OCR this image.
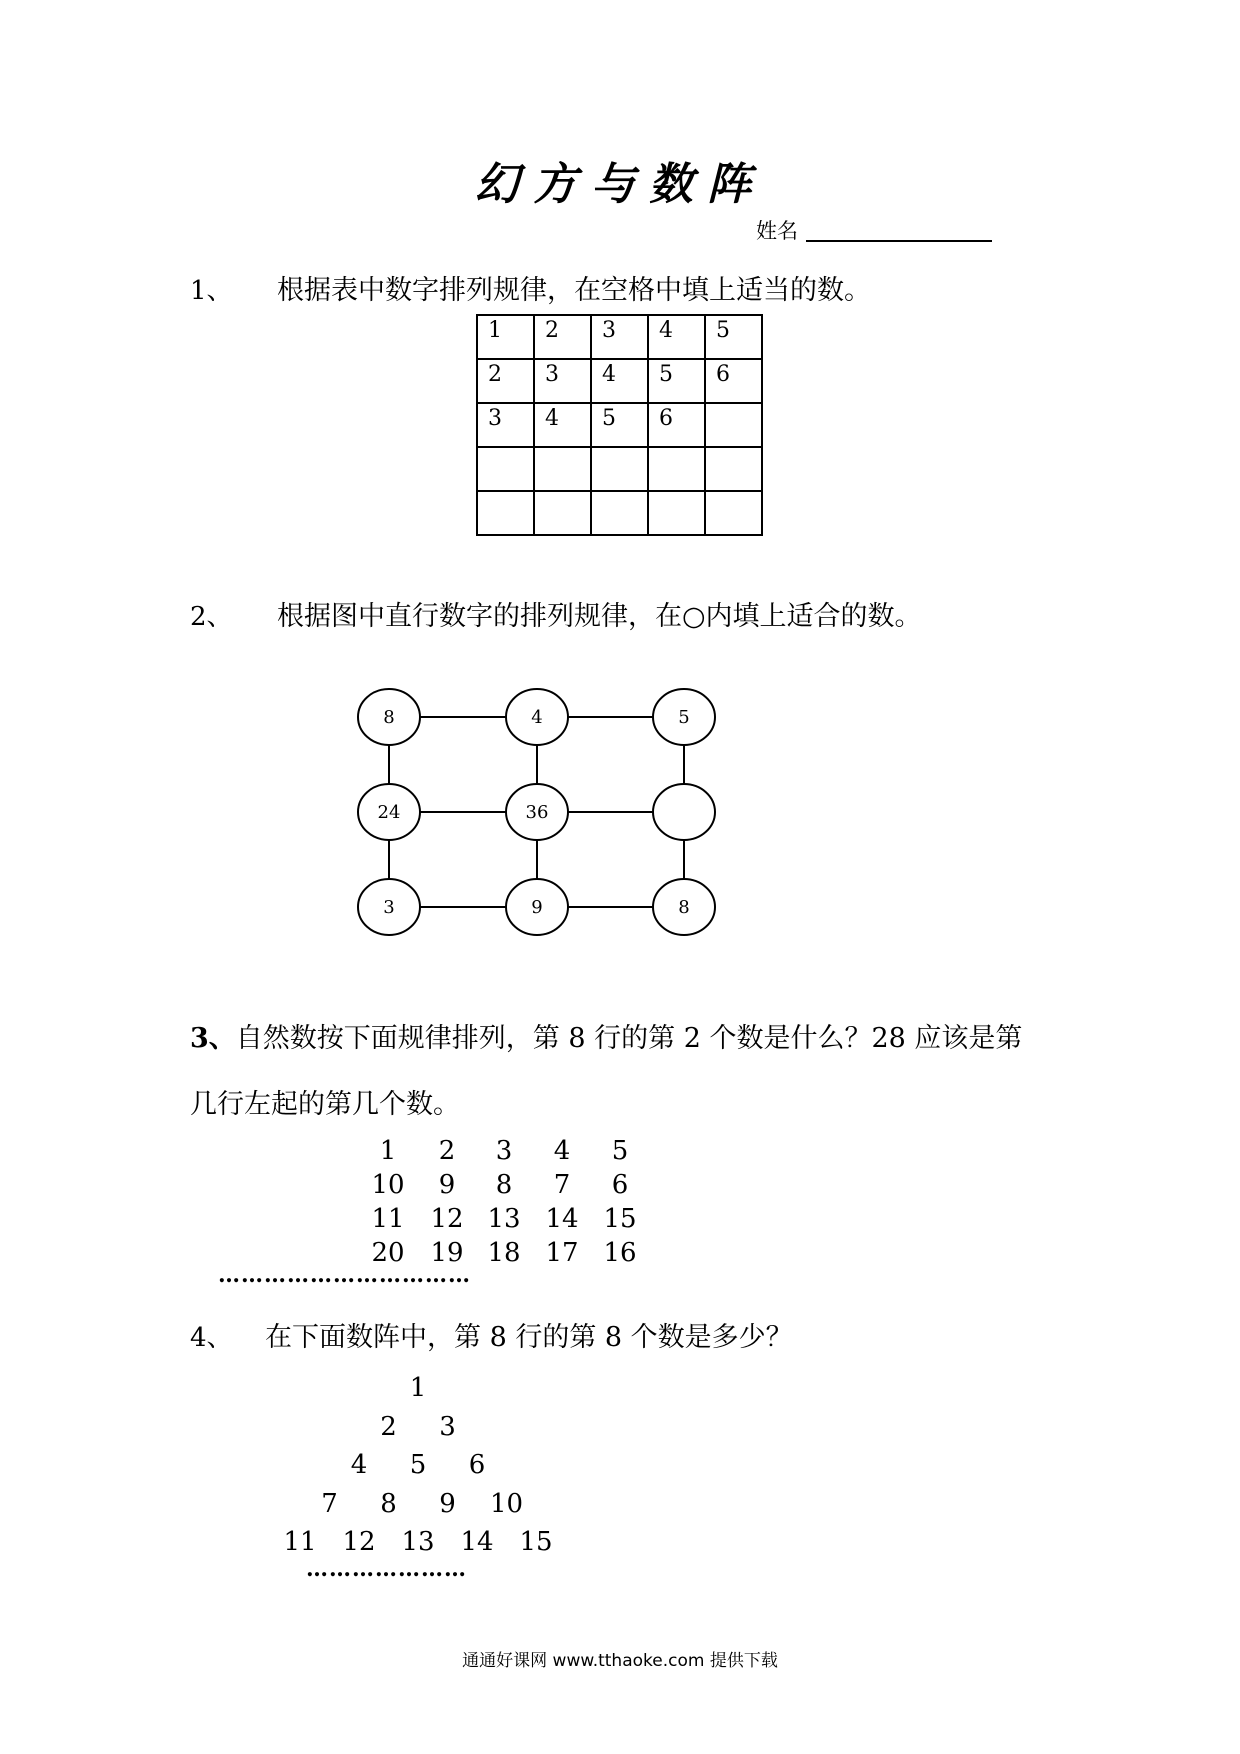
幻方与数阵
姓名
1、 根据表中数字排列规律，在空格中填上适当的数。
1	2	3	4	5
2	3	4	5	6
3	4	5	6	

2、 根据图中直行数字的排列规律，在○内填上适合的数。
8	4	5
24	36
3	9	8
3、自然数按下面规律排列，第 8 行的第 2 个数是什么？28 应该是第
几行左起的第几个数。
1	2	3	4	5
10	9	8	7	6
11 12 13 14 15
20 19 18 17 16
……………………………
4、 在下面数阵中，第 8 行的第 8 个数是多少？
1
2	3
4	5	6
7	8	9	10
11 12 13 14 15
…………………
通通好课网 www.tthaoke.com 提供下载
